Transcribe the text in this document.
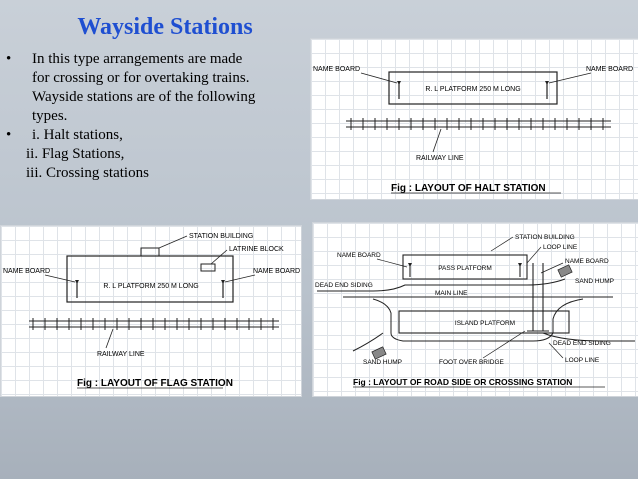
Wayside Stations
• In this type arrangements are made
for crossing or for overtaking trains.
Wayside stations are of the following
types.
• i. Halt stations,
ii. Flag Stations,
iii. Crossing stations
R. L PLATFORM 250 M LONG
NAME BOARD	NAME BOARD
RAILWAY LINE
Fig : LAYOUT OF HALT STATION
STATION BUILDING
LATRINE BLOCK
R. L PLATFORM 250 M LONG
NAME BOARD	NAME BOARD
RAILWAY LINE
Fig : LAYOUT OF FLAG STATION
STATION BUILDING
LOOP LINE
NAME BOARD
NAME BOARD
PASS PLATFORM
SAND HUMP
DEAD END SIDING
MAIN LINE
ISLAND PLATFORM
DEAD END SIDING
SAND HUMP	FOOT OVER BRIDGE	LOOP LINE
Fig : LAYOUT OF ROAD SIDE OR CROSSING STATION
